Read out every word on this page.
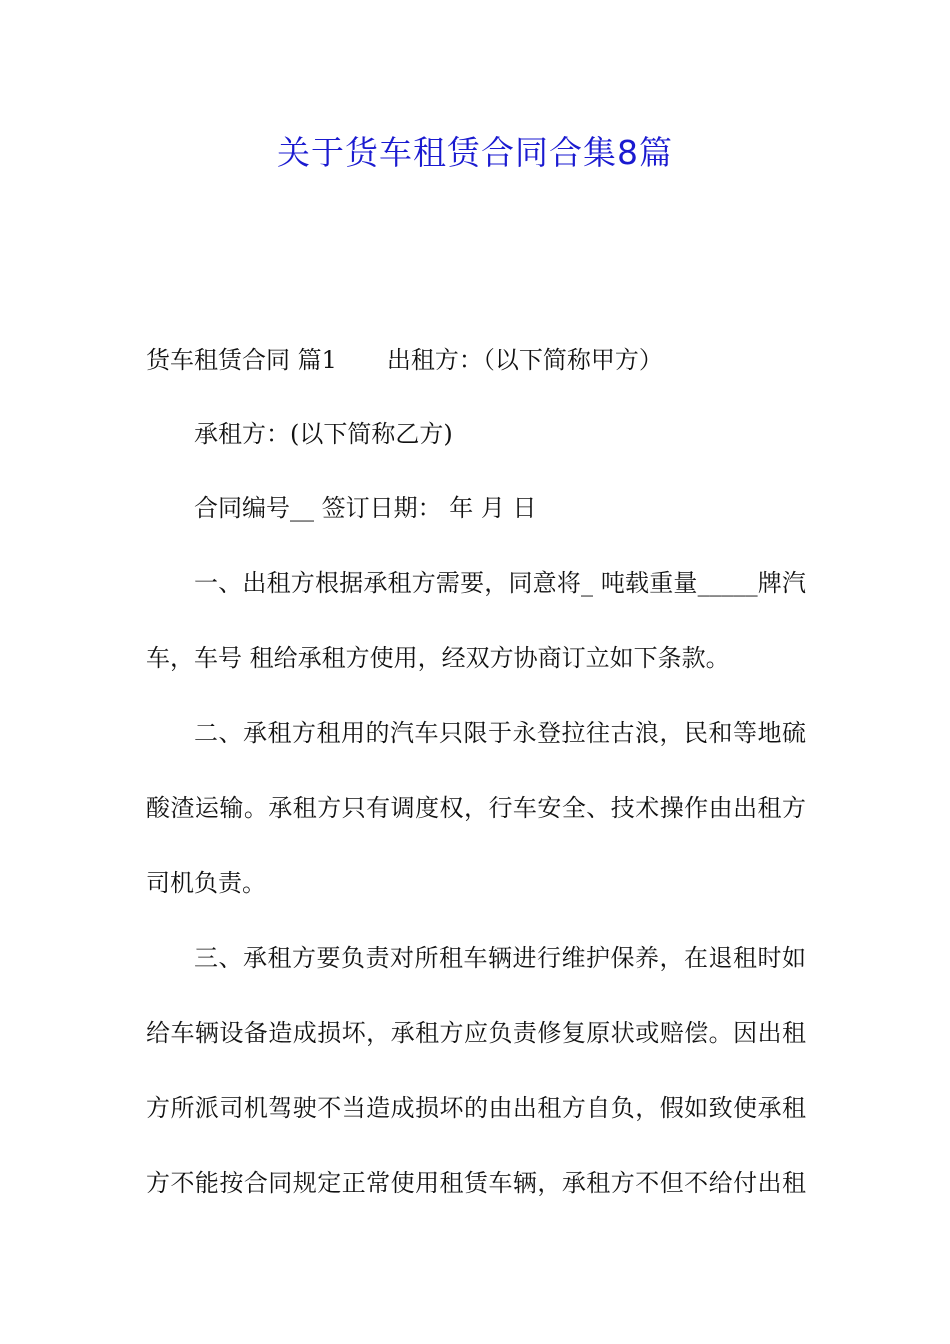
关于货车租赁合同合集8篇
货车租赁合同 篇1 出租方：（以下简称甲方）
承租方：(以下简称乙方)
合同编号__ 签订日期： 年 月 日
一、出租方根据承租方需要，同意将_ 吨载重量_____牌汽
车，车号 租给承租方使用，经双方协商订立如下条款。
二、承租方租用的汽车只限于永登拉往古浪，民和等地硫
酸渣运输。承租方只有调度权，行车安全、技术操作由出租方
司机负责。
三、承租方要负责对所租车辆进行维护保养，在退租时如
给车辆设备造成损坏，承租方应负责修复原状或赔偿。因出租
方所派司机驾驶不当造成损坏的由出租方自负，假如致使承租
方不能按合同规定正常使用租赁车辆，承租方不但不给付出租
